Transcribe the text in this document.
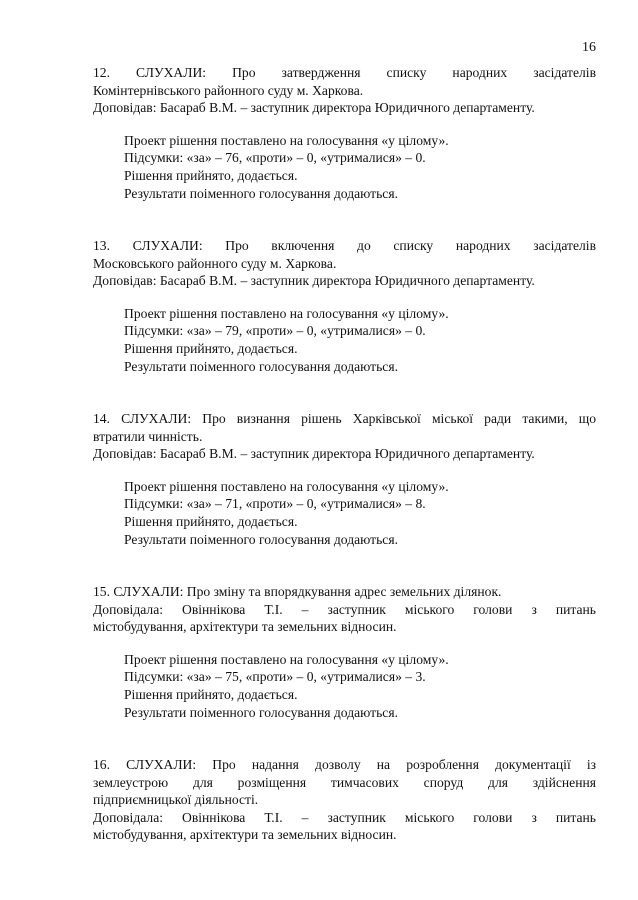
16
12. СЛУХАЛИ: Про затвердження списку народних засідателів
Комінтернівського районного суду м. Харкова.
Доповідав: Басараб В.М. – заступник директора Юридичного департаменту.
Проект рішення поставлено на голосування «у цілому».
Підсумки: «за» – 76, «проти» – 0, «утрималися» – 0.
Рішення прийнято, додається.
Результати поіменного голосування додаються.
13. СЛУХАЛИ: Про включення до списку народних засідателів
Московського районного суду м. Харкова.
Доповідав: Басараб В.М. – заступник директора Юридичного департаменту.
Проект рішення поставлено на голосування «у цілому».
Підсумки: «за» – 79, «проти» – 0, «утрималися» – 0.
Рішення прийнято, додається.
Результати поіменного голосування додаються.
14. СЛУХАЛИ: Про визнання рішень Харківської міської ради такими, що
втратили чинність.
Доповідав: Басараб В.М. – заступник директора Юридичного департаменту.
Проект рішення поставлено на голосування «у цілому».
Підсумки: «за» – 71, «проти» – 0, «утрималися» – 8.
Рішення прийнято, додається.
Результати поіменного голосування додаються.
15. СЛУХАЛИ: Про зміну та впорядкування адрес земельних ділянок.
Доповідала: Овіннікова Т.І. – заступник міського голови з питань
містобудування, архітектури та земельних відносин.
Проект рішення поставлено на голосування «у цілому».
Підсумки: «за» – 75, «проти» – 0, «утрималися» – 3.
Рішення прийнято, додається.
Результати поіменного голосування додаються.
16. СЛУХАЛИ: Про надання дозволу на розроблення документації із
землеустрою для розміщення тимчасових споруд для здійснення
підприємницької діяльності.
Доповідала: Овіннікова Т.І. – заступник міського голови з питань
містобудування, архітектури та земельних відносин.
